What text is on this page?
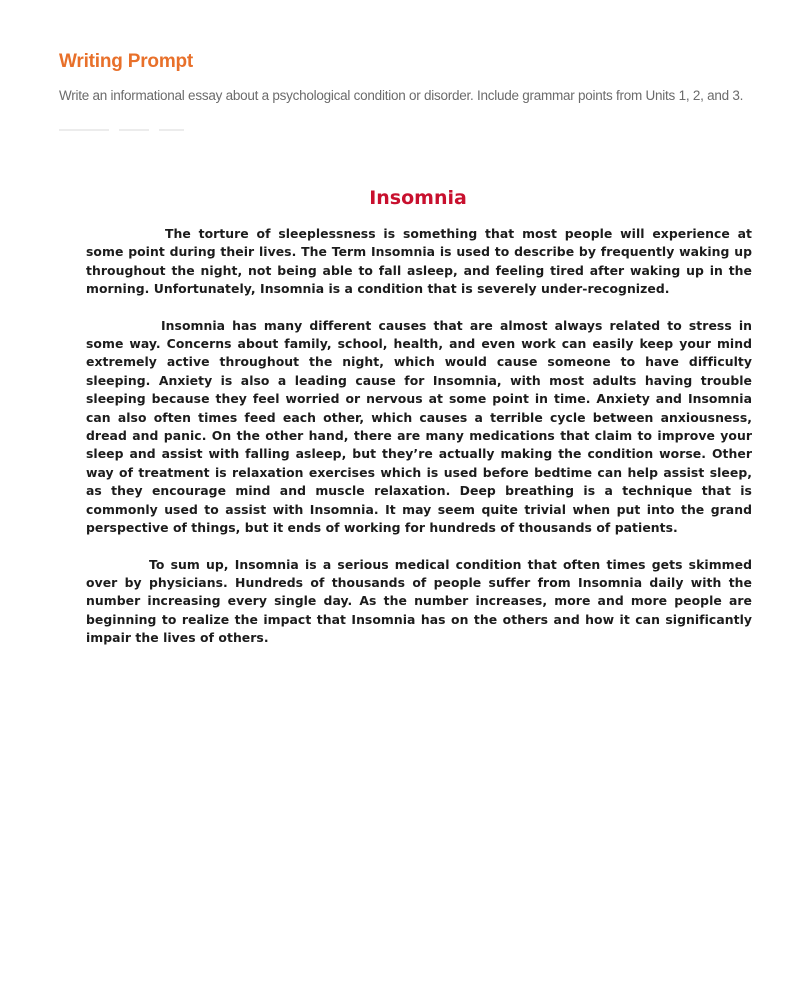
Writing Prompt

Write an informational essay about a psychological condition or disorder. Include grammar points from Units 1, 2, and 3.

Insomnia

The torture of sleeplessness is something that most people will experience at some point during their lives. The Term Insomnia is used to describe by frequently waking up throughout the night, not being able to fall asleep, and feeling tired after waking up in the morning. Unfortunately, Insomnia is a condition that is severely under-recognized.

Insomnia has many different causes that are almost always related to stress in some way. Concerns about family, school, health, and even work can easily keep your mind extremely active throughout the night, which would cause someone to have difficulty sleeping. Anxiety is also a leading cause for Insomnia, with most adults having trouble sleeping because they feel worried or nervous at some point in time. Anxiety and Insomnia can also often times feed each other, which causes a terrible cycle between anxiousness, dread and panic. On the other hand, there are many medications that claim to improve your sleep and assist with falling asleep, but they’re actually making the condition worse. Other way of treatment is relaxation exercises which is used before bedtime can help assist sleep, as they encourage mind and muscle relaxation. Deep breathing is a technique that is commonly used to assist with Insomnia. It may seem quite trivial when put into the grand perspective of things, but it ends of working for hundreds of thousands of patients.

To sum up, Insomnia is a serious medical condition that often times gets skimmed over by physicians. Hundreds of thousands of people suffer from Insomnia daily with the number increasing every single day. As the number increases, more and more people are beginning to realize the impact that Insomnia has on the others and how it can significantly impair the lives of others.
